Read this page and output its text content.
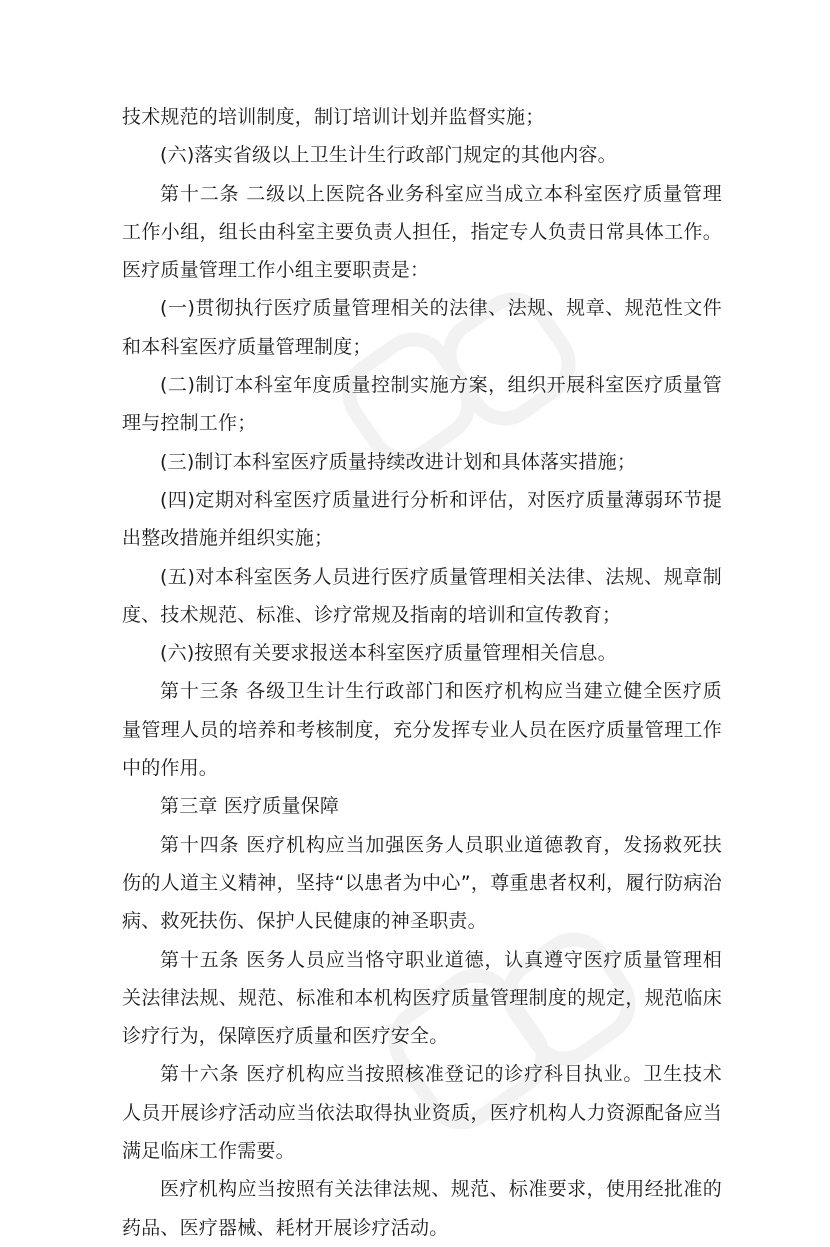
技术规范的培训制度，制订培训计划并监督实施；

(六)落实省级以上卫生计生行政部门规定的其他内容。

第十二条 二级以上医院各业务科室应当成立本科室医疗质量管理工作小组，组长由科室主要负责人担任，指定专人负责日常具体工作。医疗质量管理工作小组主要职责是：

(一)贯彻执行医疗质量管理相关的法律、法规、规章、规范性文件和本科室医疗质量管理制度；

(二)制订本科室年度质量控制实施方案，组织开展科室医疗质量管理与控制工作；

(三)制订本科室医疗质量持续改进计划和具体落实措施；

(四)定期对科室医疗质量进行分析和评估，对医疗质量薄弱环节提出整改措施并组织实施；

(五)对本科室医务人员进行医疗质量管理相关法律、法规、规章制度、技术规范、标准、诊疗常规及指南的培训和宣传教育；

(六)按照有关要求报送本科室医疗质量管理相关信息。

第十三条 各级卫生计生行政部门和医疗机构应当建立健全医疗质量管理人员的培养和考核制度，充分发挥专业人员在医疗质量管理工作中的作用。

第三章 医疗质量保障

第十四条 医疗机构应当加强医务人员职业道德教育，发扬救死扶伤的人道主义精神，坚持“以患者为中心”，尊重患者权利，履行防病治病、救死扶伤、保护人民健康的神圣职责。

第十五条 医务人员应当恪守职业道德，认真遵守医疗质量管理相关法律法规、规范、标准和本机构医疗质量管理制度的规定，规范临床诊疗行为，保障医疗质量和医疗安全。

第十六条 医疗机构应当按照核准登记的诊疗科目执业。卫生技术人员开展诊疗活动应当依法取得执业资质，医疗机构人力资源配备应当满足临床工作需要。

医疗机构应当按照有关法律法规、规范、标准要求，使用经批准的药品、医疗器械、耗材开展诊疗活动。
